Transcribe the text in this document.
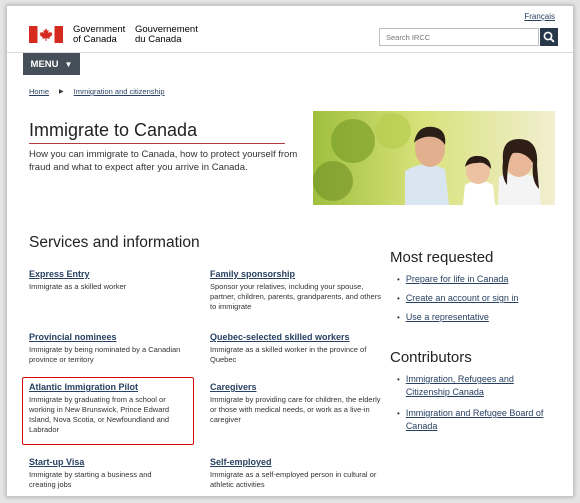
Français
Government
of Canada
Gouvernement
du Canada
Search IRCC
MENU ▼
Home ▶ Immigration and citizenship
Immigrate to Canada

How you can immigrate to Canada, how to protect yourself from fraud and what to expect after you arrive in Canada.

Services and information
Express Entry
Immigrate as a skilled worker
Family sponsorship
Sponsor your relatives, including your spouse, partner, children, parents, grandparents, and others to immigrate
Provincial nominees
Immigrate by being nominated by a Canadian province or territory
Quebec-selected skilled workers
Immigrate as a skilled worker in the province of Quebec
Atlantic Immigration Pilot
Immigrate by graduating from a school or working in New Brunswick, Prince Edward Island, Nova Scotia, or Newfoundland and Labrador
Caregivers
Immigrate by providing care for children, the elderly or those with medical needs, or work as a live-in caregiver
Start-up Visa
Immigrate by starting a business and creating jobs
Self-employed
Immigrate as a self-employed person in cultural or athletic activities
Most requested
• Prepare for life in Canada
• Create an account or sign in
• Use a representative
Contributors
• Immigration, Refugees and Citizenship Canada
• Immigration and Refugee Board of Canada
